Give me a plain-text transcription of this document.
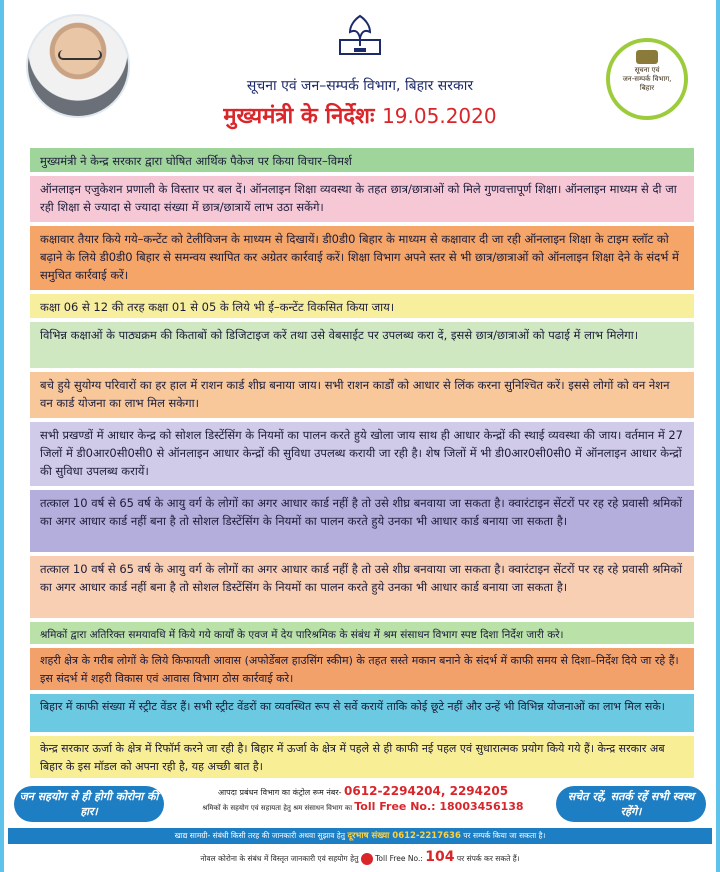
सूचना एवं जन–सम्पर्क विभाग, बिहार सरकार
मुख्यमंत्री के निर्देशः 19.05.2020
सूचना एवं
जन-सम्पर्क विभाग,
बिहार
मुख्यमंत्री ने केन्द्र सरकार द्वारा घोषित आर्थिक पैकेज पर किया विचार–विमर्श
ऑनलाइन एजुकेशन प्रणाली के विस्तार पर बल दें। ऑनलाइन शिक्षा व्यवस्था के तहत छात्र/छात्राओं को मिले गुणवत्तापूर्ण शिक्षा। ऑनलाइन माध्यम से दी जा रही शिक्षा से ज्यादा से ज्यादा संख्या में छात्र/छात्रायें लाभ उठा सकेंगे।
कक्षावार तैयार किये गये–कन्टेंट को टेलीविजन के माध्यम से दिखायें। डी0डी0 बिहार के माध्यम से कक्षावार दी जा रही ऑनलाइन शिक्षा के टाइम स्लॉट को बढ़ाने के लिये डी0डी0 बिहार से समन्वय स्थापित कर अग्रेतर कार्रवाई करें। शिक्षा विभाग अपने स्तर से भी छात्र/छात्राओं को ऑनलाइन शिक्षा देने के संदर्भ में समुचित कार्रवाई करें।
कक्षा 06 से 12 की तरह कक्षा 01 से 05 के लिये भी ई–कन्टेंट विकसित किया जाय।
विभिन्न कक्षाओं के पाठ्यक्रम की किताबों को डिजिटाइज करें तथा उसे वेबसाईट पर उपलब्ध करा दें, इससे छात्र/छात्राओं को पढाई में लाभ मिलेगा।
बचे हुये सुयोग्य परिवारों का हर हाल में राशन कार्ड शीघ्र बनाया जाय। सभी राशन कार्डों को आधार से लिंक करना सुनिश्चित करें। इससे लोगों को वन नेशन वन कार्ड योजना का लाभ मिल सकेगा।
सभी प्रखण्डों में आधार केन्द्र को सोशल डिस्टेंसिंग के नियमों का पालन करते हुये खोला जाय साथ ही आधार केन्द्रों की स्थाई व्यवस्था की जाय। वर्तमान में 27 जिलों में डी0आर0सी0सी0 से ऑनलाइन आधार केन्द्रों की सुविधा उपलब्ध करायी जा रही है। शेष जिलों में भी डी0आर0सी0सी0 में ऑनलाइन आधार केन्द्रों की सुविधा उपलब्ध करायें।
तत्काल 10 वर्ष से 65 वर्ष के आयु वर्ग के लोगों का अगर आधार कार्ड नहीं है तो उसे शीघ्र बनवाया जा सकता है। क्वारंटाइन सेंटरों पर रह रहे प्रवासी श्रमिकों का अगर आधार कार्ड नहीं बना है तो सोशल डिस्टेंसिंग के नियमों का पालन करते हुये उनका भी आधार कार्ड बनाया जा सकता है।
तत्काल 10 वर्ष से 65 वर्ष के आयु वर्ग के लोगों का अगर आधार कार्ड नहीं है तो उसे शीघ्र बनवाया जा सकता है। क्वारंटाइन सेंटरों पर रह रहे प्रवासी श्रमिकों का अगर आधार कार्ड नहीं बना है तो सोशल डिस्टेंसिंग के नियमों का पालन करते हुये उनका भी आधार कार्ड बनाया जा सकता है।
श्रमिकों द्वारा अतिरिक्त समयावधि में किये गये कार्यों के एवज में देय पारिश्रमिक के संबंध में श्रम संसाधन विभाग स्पष्ट दिशा निर्देश जारी करे।
शहरी क्षेत्र के गरीब लोगों के लिये किफायती आवास (अफोर्डेबल हाउसिंग स्कीम) के तहत सस्ते मकान बनाने के संदर्भ में काफी समय से दिशा–निर्देश दिये जा रहे हैं। इस संदर्भ में शहरी विकास एवं आवास विभाग ठोस कार्रवाई करे।
बिहार में काफी संख्या में स्ट्रीट वेंडर हैं। सभी स्ट्रीट वेंडरों का व्यवस्थित रूप से सर्वे करायें ताकि कोई छूटे नहीं और उन्हें भी विभिन्न योजनाओं का लाभ मिल सके।
केन्द्र सरकार ऊर्जा के क्षेत्र में रिफॉर्म करने जा रही है। बिहार में ऊर्जा के क्षेत्र में पहले से ही काफी नई पहल एवं सुधारात्मक प्रयोग किये गये हैं। केन्द्र सरकार अब बिहार के इस मॉडल को अपना रही है, यह अच्छी बात है।
जन सहयोग से ही होगी कोरोना की हार।
आपदा प्रबंधन विभाग का कंट्रोल रूम नंबर- 0612-2294204, 2294205
श्रमिकों के सहयोग एवं सहायता हेतु श्रम संसाधन विभाग का Toll Free No.: 18003456138
सचेत रहें, सतर्क रहें सभी स्वस्थ रहेंगे।
खाद्य सामग्री- संबंधी किसी तरह की जानकारी अथवा सुझाव हेतु दूरभाष संख्या 0612-2217636 पर सम्पर्क किया जा सकता है।
नोवल कोरोना के संबंध में विस्तृत जानकारी एवं सहयोग हेतु Toll Free No.: 104 पर संपर्क कर सकते हैं।
